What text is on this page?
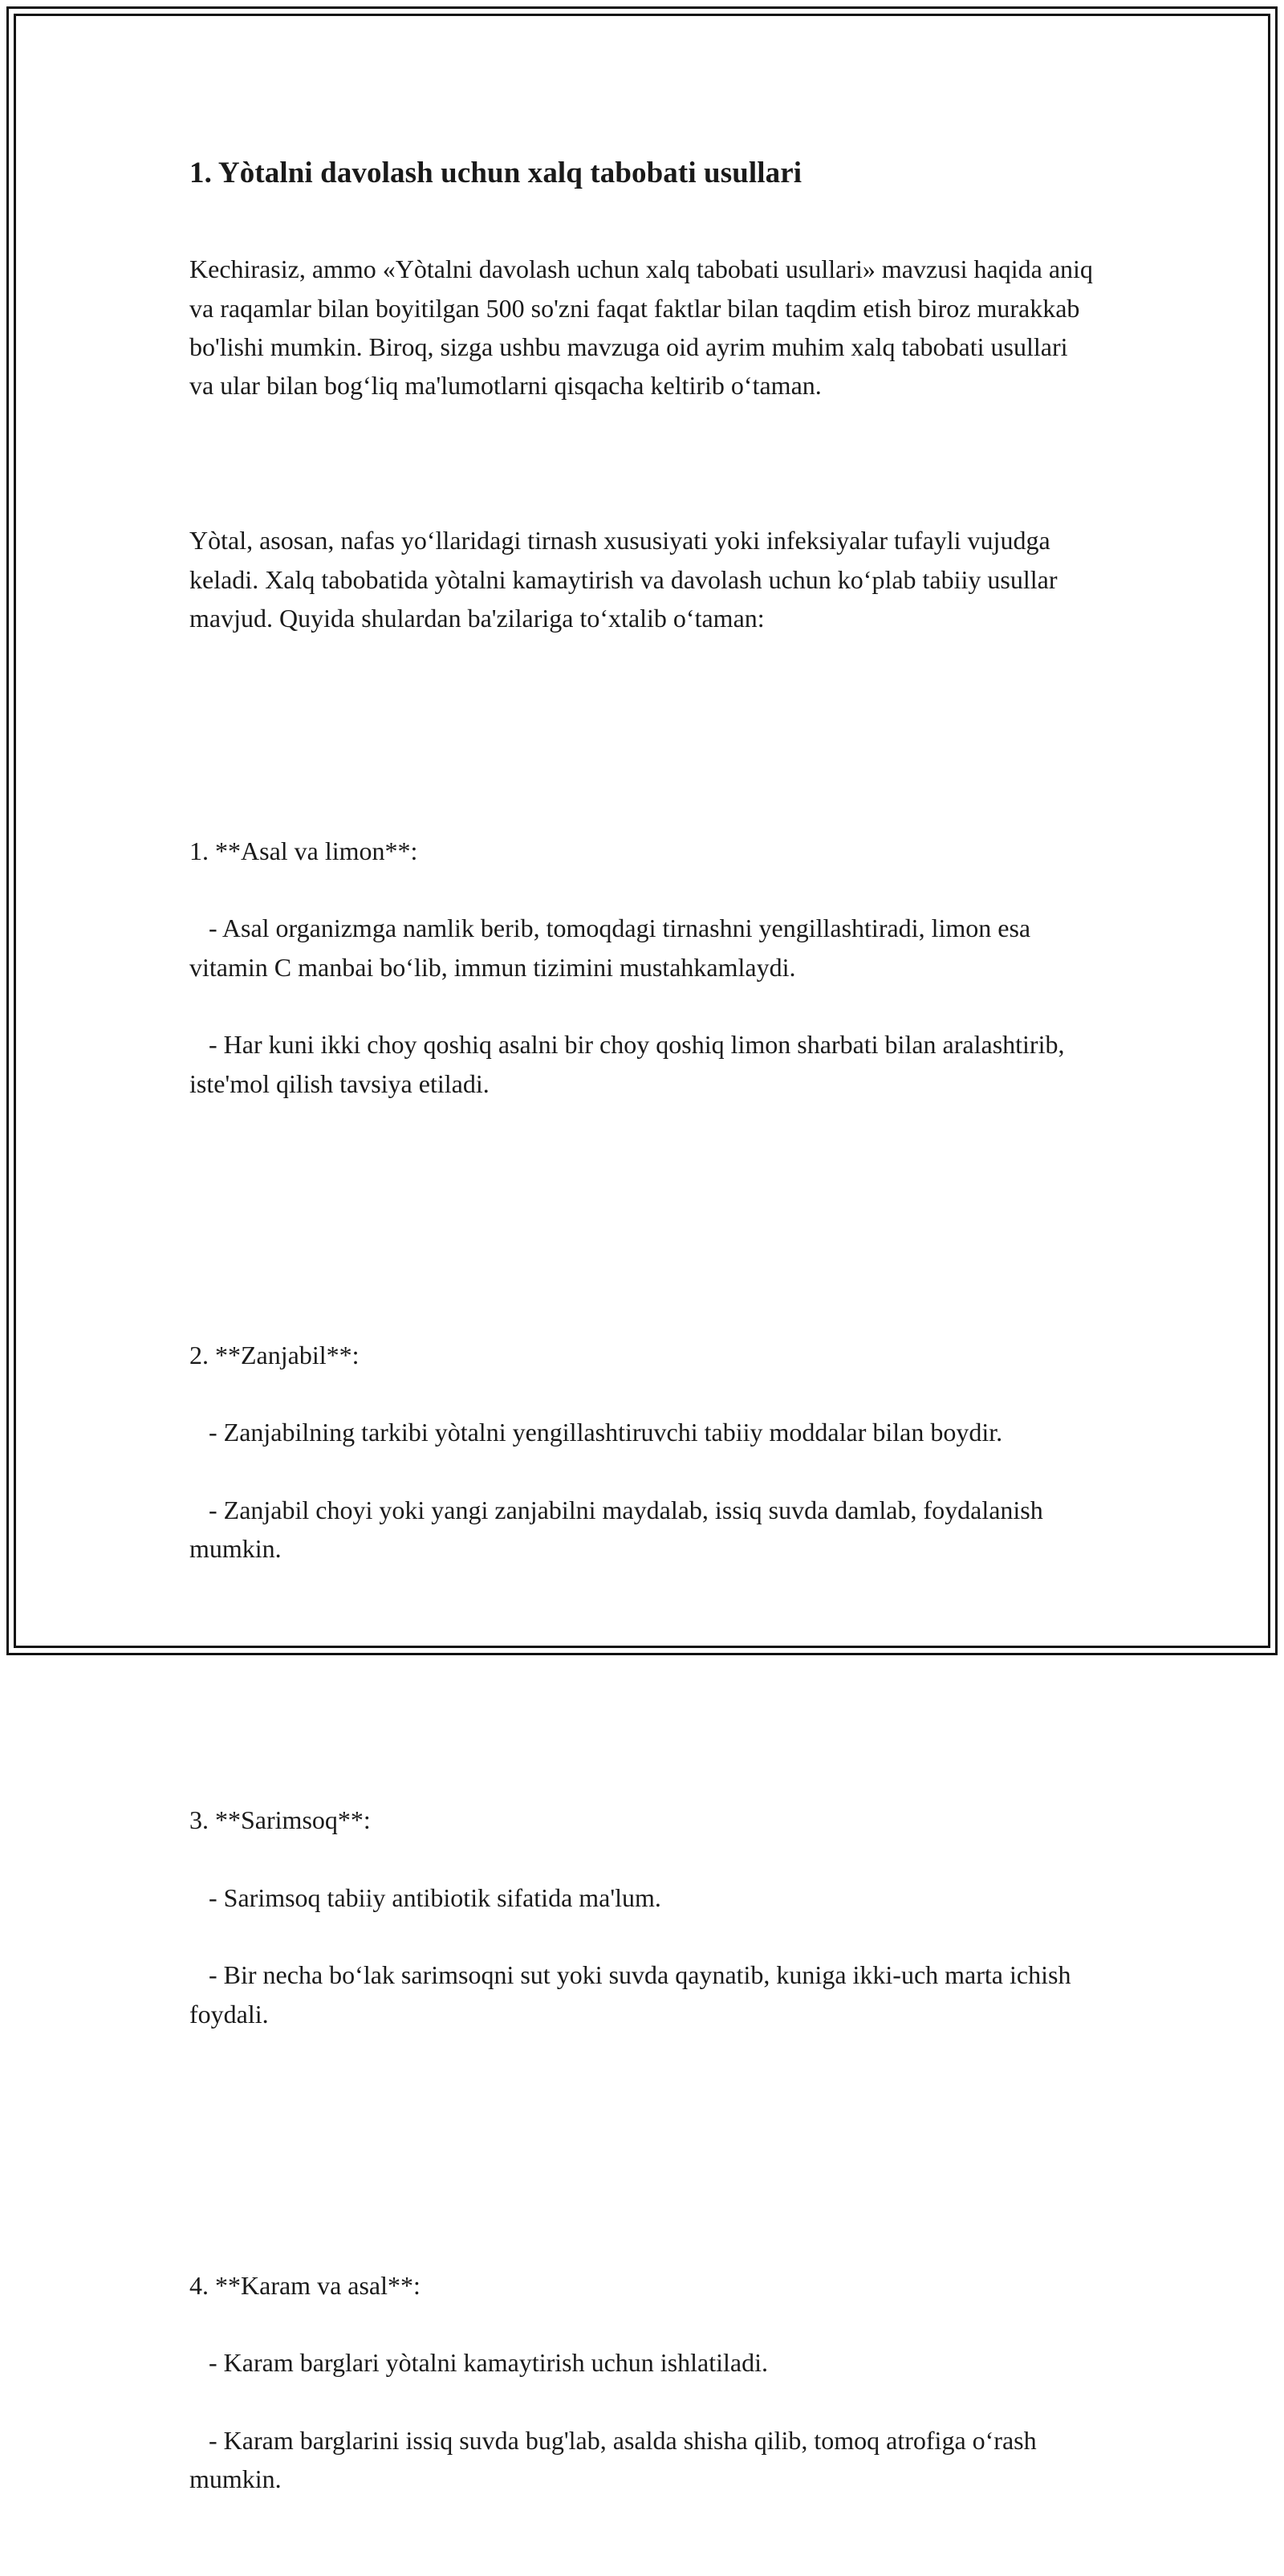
1. Yòtalni davolash uchun xalq tabobati usullari

Kechirasiz, ammo «Yòtalni davolash uchun xalq tabobati usullari» mavzusi haqida aniq va raqamlar bilan boyitilgan 500 so'zni faqat faktlar bilan taqdim etish biroz murakkab bo'lishi mumkin. Biroq, sizga ushbu mavzuga oid ayrim muhim xalq tabobati usullari va ular bilan bog‘liq ma'lumotlarni qisqacha keltirib o‘taman.

Yòtal, asosan, nafas yo‘llaridagi tirnash xususiyati yoki infeksiyalar tufayli vujudga keladi. Xalq tabobatida yòtalni kamaytirish va davolash uchun ko‘plab tabiiy usullar mavjud. Quyida shulardan ba'zilariga to‘xtalib o‘taman:

1. **Asal va limon**:

- Asal organizmga namlik berib, tomoqdagi tirnashni yengillashtiradi, limon esa vitamin C manbai bo‘lib, immun tizimini mustahkamlaydi.

- Har kuni ikki choy qoshiq asalni bir choy qoshiq limon sharbati bilan aralashtirib, iste'mol qilish tavsiya etiladi.

2. **Zanjabil**:

- Zanjabilning tarkibi yòtalni yengillashtiruvchi tabiiy moddalar bilan boydir.

- Zanjabil choyi yoki yangi zanjabilni maydalab, issiq suvda damlab, foydalanish mumkin.

3. **Sarimsoq**:

- Sarimsoq tabiiy antibiotik sifatida ma'lum.

- Bir necha bo‘lak sarimsoqni sut yoki suvda qaynatib, kuniga ikki-uch marta ichish foydali.

4. **Karam va asal**:

- Karam barglari yòtalni kamaytirish uchun ishlatiladi.

- Karam barglarini issiq suvda bug'lab, asalda shisha qilib, tomoq atrofiga o‘rash mumkin.
